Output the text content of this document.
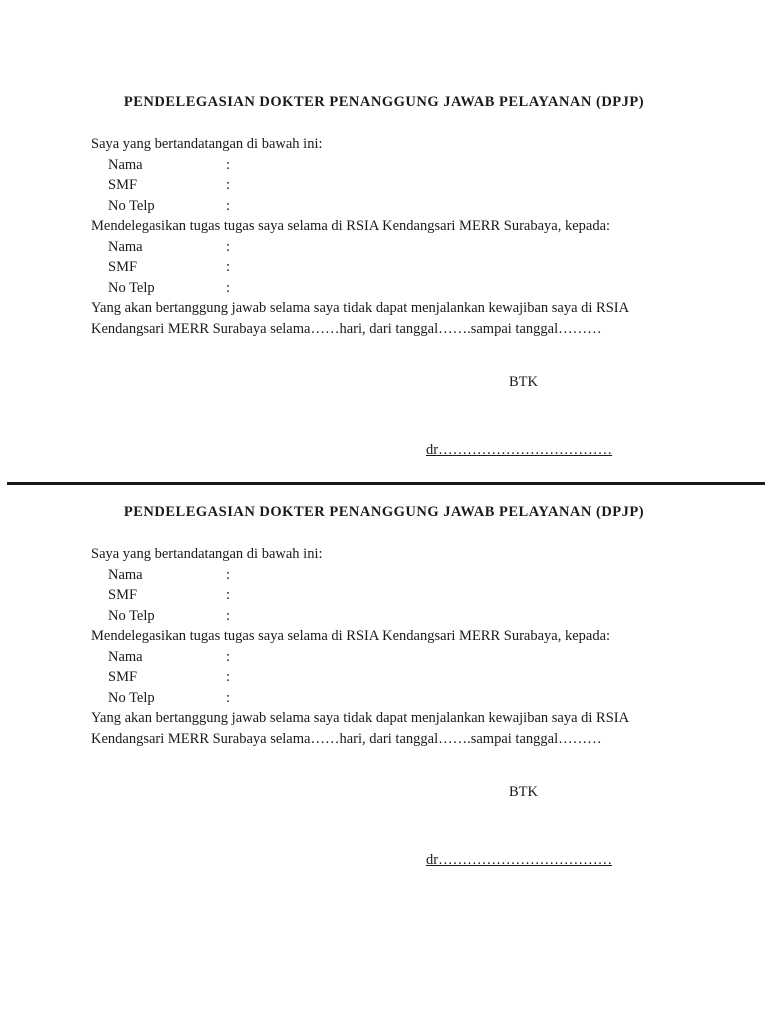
PENDELEGASIAN DOKTER PENANGGUNG JAWAB PELAYANAN (DPJP)
Saya yang bertandatangan di bawah ini:
Nama	:
SMF	:
No Telp	:
Mendelegasikan tugas tugas saya selama di RSIA Kendangsari MERR Surabaya, kepada:
Nama	:
SMF	:
No Telp	:
Yang akan bertanggung jawab selama saya tidak dapat menjalankan kewajiban saya di RSIA
Kendangsari MERR Surabaya selama……hari, dari tanggal…….sampai tanggal………
BTK
dr………………………………
PENDELEGASIAN DOKTER PENANGGUNG JAWAB PELAYANAN (DPJP)
Saya yang bertandatangan di bawah ini:
Nama	:
SMF	:
No Telp	:
Mendelegasikan tugas tugas saya selama di RSIA Kendangsari MERR Surabaya, kepada:
Nama	:
SMF	:
No Telp	:
Yang akan bertanggung jawab selama saya tidak dapat menjalankan kewajiban saya di RSIA
Kendangsari MERR Surabaya selama……hari, dari tanggal…….sampai tanggal………
BTK
dr………………………………
